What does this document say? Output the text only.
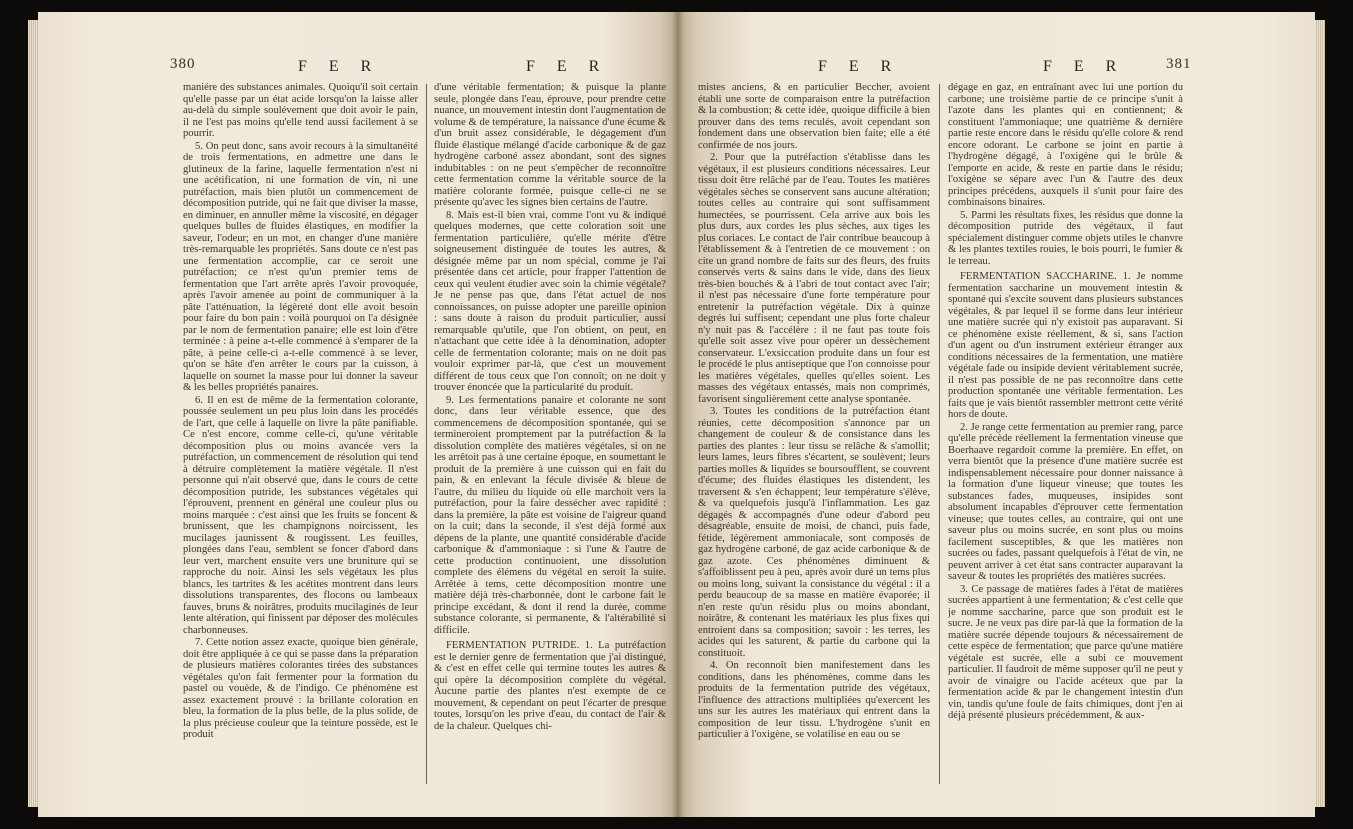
380	F E R	F E R

maniére des substances animales. Quoiqu'il soit certain qu'elle passe par un état acide lorsqu'on la laisse aller au-delà du simple soulévement que doit avoir le pain, il ne l'est pas moins qu'elle tend aussi facilement à se pourrir.

5. On peut donc, sans avoir recours à la simultanéité de trois fermentations, en admettre une dans le glutineux de la farine, laquelle fermentation n'est ni une acétification, ni une formation de vin, ni une putréfaction, mais bien plutôt un commencement de décomposition putride, qui ne fait que diviser la masse, en diminuer, en annuller même la viscosité, en dégager quelques bulles de fluides élastiques, en modifier la saveur, l'odeur; en un mot, en changer d'une manière très-remarquable les propriétés. Sans doute ce n'est pas une fermentation accomplie, car ce seroit une putréfaction; ce n'est qu'un premier tems de fermentation que l'art arrête après l'avoir provoquée, après l'avoir amenée au point de communiquer à la pâte l'atténuation, la légèreté dont elle avoit besoin pour faire du bon pain : voilà pourquoi on l'a désignée par le nom de fermentation panaire; elle est loin d'être terminée : à peine a-t-elle commencé à s'emparer de la pâte, à peine celle-ci a-t-elle commencé à se lever, qu'on se hâte d'en arrêter le cours par la cuisson, à laquelle on soumet la masse pour lui donner la saveur & les belles propriétés panaires.

6. Il en est de même de la fermentation colorante, poussée seulement un peu plus loin dans les procédés de l'art, que celle à laquelle on livre la pâte panifiable. Ce n'est encore, comme celle-ci, qu'une véritable décomposition plus ou moins avancée vers la putréfaction, un commencement de résolution qui tend à détruire complètement la matière végétale. Il n'est personne qui n'ait observé que, dans le cours de cette décomposition putride, les substances végétales qui l'éprouvent, prennent en général une couleur plus ou moins marquée : c'est ainsi que les fruits se foncent & brunissent, que les champignons noircissent, les mucilages jaunissent & rougissent. Les feuilles, plongées dans l'eau, semblent se foncer d'abord dans leur vert, marchent ensuite vers une bruniture qui se rapproche du noir. Ainsi les sels végétaux les plus blancs, les tartrites & les acétites montrent dans leurs dissolutions transparentes, des flocons ou lambeaux fauves, bruns & noirâtres, produits mucilaginés de leur lente altération, qui finissent par déposer des molécules charbonneuses.

7. Cette notion assez exacte, quoique bien générale, doit être appliquée à ce qui se passe dans la préparation de plusieurs matières colorantes tirées des substances végétales qu'on fait fermenter pour la formation du pastel ou vouède, & de l'indigo. Ce phénomène est assez exactement prouvé : la brillante coloration en bleu, la formation de la plus belle, de la plus solide, de la plus précieuse couleur que la teinture possède, est le produit

d'une véritable fermentation; & puisque la plante seule, plongée dans l'eau, éprouve, pour prendre cette nuance, un mouvement intestin dont l'augmentation de volume & de température, la naissance d'une écume & d'un bruit assez considérable, le dégagement d'un fluide élastique mélangé d'acide carbonique & de gaz hydrogène carboné assez abondant, sont des signes indubitables : on ne peut s'empêcher de reconnoître cette fermentation comme la véritable source de la matière colorante formée, puisque celle-ci ne se présente qu'avec les signes bien certains de l'autre.

8. Mais est-il bien vrai, comme l'ont vu & indiqué quelques modernes, que cette coloration soit une fermentation particulière, qu'elle mérite d'être soigneusement distinguée de toutes les autres, & désignée même par un nom spécial, comme je l'ai présentée dans cet article, pour frapper l'attention de ceux qui veulent étudier avec soin la chimie végétale? Je ne pense pas que, dans l'état actuel de nos connoissances, on puisse adopter une pareille opinion : sans doute à raison du produit particulier, aussi remarquable qu'utile, que l'on obtient, on peut, en n'attachant que cette idée à la dénomination, adopter celle de fermentation colorante; mais on ne doit pas vouloir exprimer par-là, que c'est un mouvement différent de tous ceux que l'on connoît; on ne doit y trouver énoncée que la particularité du produit.

9. Les fermentations panaire et colorante ne sont donc, dans leur véritable essence, que des commencemens de décomposition spontanée, qui se termineroient promptement par la putréfaction & la dissolution complète des matières végétales, si on ne les arrêtoit pas à une certaine époque, en soumettant le produit de la première à une cuisson qui en fait du pain, & en enlevant la fécule divisée & bleue de l'autre, du milieu du liquide où elle marchoit vers la putréfaction, pour la faire dessécher avec rapidité : dans la première, la pâte est voisine de l'aigreur quand on la cuit; dans la seconde, il s'est déjà formé aux dépens de la plante, une quantité considérable d'acide carbonique & d'ammoniaque : si l'une & l'autre de cette production continuoient, une dissolution complete des élémens du végétal en seroit la suite. Arrêtée à tems, cette décomposition montre une matière déjà très-charbonnée, dont le carbone fait le principe excédant, & dont il rend la durée, comme substance colorante, si permanente, & l'altérabilité si difficile.

FERMENTATION PUTRIDE. 1. La putréfaction est le dernier genre de fermentation que j'ai distingué, & c'est en effet celle qui termine toutes les autres & qui opère la décomposition complète du végétal. Aucune partie des plantes n'est exempte de ce mouvement, & cependant on peut l'écarter de presque toutes, lorsqu'on les prive d'eau, du contact de l'air & de la chaleur. Quelques chi-

F E R	F E R	381

mistes anciens, & en particulier Beccher, avoient établi une sorte de comparaison entre la putréfaction & la combustion; & cette idée, quoique difficile à bien prouver dans des tems reculés, avoit cependant son fondement dans une observation bien faite; elle a été confirmée de nos jours.

2. Pour que la putréfaction s'établisse dans les végétaux, il est plusieurs conditions nécessaires. Leur tissu doit être relâché par de l'eau. Toutes les matières végétales sèches se conservent sans aucune altération; toutes celles au contraire qui sont suffisamment humectées, se pourrissent. Cela arrive aux bois les plus durs, aux cordes les plus sèches, aux tiges les plus coriaces. Le contact de l'air contribue beaucoup à l'établissement & à l'entretien de ce mouvement : on cite un grand nombre de faits sur des fleurs, des fruits conservés verts & sains dans le vide, dans des lieux très-bien bouchés & à l'abri de tout contact avec l'air; il n'est pas nécessaire d'une forte température pour entretenir la putréfaction végétale. Dix à quinze degrés lui suffisent; cependant une plus forte chaleur n'y nuit pas & l'accélère : il ne faut pas toute fois qu'elle soit assez vive pour opérer un dessèchement conservateur. L'exsiccation produite dans un four est le procédé le plus antiseptique que l'on connoisse pour les matières végétales, quelles qu'elles soient. Les masses des végétaux entassés, mais non comprimés, favorisent singulièrement cette analyse spontanée.

3. Toutes les conditions de la putréfaction étant réunies, cette décomposition s'annonce par un changement de couleur & de consistance dans les parties des plantes : leur tissu se relâche & s'amollit; leurs lames, leurs fibres s'écartent, se soulèvent; leurs parties molles & liquides se boursoufflent, se couvrent d'écume; des fluides élastiques les distendent, les traversent & s'en échappent; leur température s'élève, & va quelquefois jusqu'à l'inflammation. Les gaz dégagés & accompagnés d'une odeur d'abord peu désagréable, ensuite de moisi, de chanci, puis fade, fétide, légèrement ammoniacale, sont composés de gaz hydrogène carboné, de gaz acide carbonique & de gaz azote. Ces phénomènes diminuent & s'affoiblissent peu à peu, après avoir duré un tems plus ou moins long, suivant la consistance du végétal : il a perdu beaucoup de sa masse en matière évaporée; il n'en reste qu'un résidu plus ou moins abondant, noirâtre, & contenant les matériaux les plus fixes qui entroient dans sa composition; savoir : les terres, les acides qui les saturent, & partie du carbone qui la constituoit.

4. On reconnoît bien manifestement dans les conditions, dans les phénomènes, comme dans les produits de la fermentation putride des végétaux, l'influence des attractions multipliées qu'exercent les uns sur les autres les matériaux qui entrent dans la composition de leur tissu. L'hydrogène s'unit en particulier à l'oxigène, se volatilise en eau ou se

dégage en gaz, en entraînant avec lui une portion du carbone; une troisième partie de ce principe s'unit à l'azote dans les plantes qui en contiennent; & constituent l'ammoniaque; une quatrième & dernière partie reste encore dans le résidu qu'elle colore & rend encore odorant. Le carbone se joint en partie à l'hydrogène dégagé, à l'oxigène qui le brûle & l'emporte en acide, & reste en partie dans le résidu; l'oxigène se sépare avec l'un & l'autre des deux principes précédens, auxquels il s'unit pour faire des combinaisons binaires.

5. Parmi les résultats fixes, les résidus que donne la décomposition putride des végétaux, il faut spécialement distinguer comme objets utiles le chanvre & les plantes textiles rouies, le bois pourri, le fumier & le terreau.

FERMENTATION SACCHARINE. 1. Je nomme fermentation saccharine un mouvement intestin & spontané qui s'excite souvent dans plusieurs substances végétales, & par lequel il se forme dans leur intérieur une matière sucrée qui n'y existoit pas auparavant. Si ce phénomène existe réellement, & si, sans l'action d'un agent ou d'un instrument extérieur étranger aux conditions nécessaires de la fermentation, une matière végétale fade ou insipide devient véritablement sucrée, il n'est pas possible de ne pas reconnoître dans cette production spontanée une véritable fermentation. Les faits que je vais bientôt rassembler mettront cette vérité hors de doute.

2. Je range cette fermentation au premier rang, parce qu'elle précède réellement la fermentation vineuse que Boerhaave regardoit comme la première. En effet, on verra bientôt que la présence d'une matière sucrée est indispensablement nécessaire pour donner naissance à la formation d'une liqueur vineuse; que toutes les substances fades, muqueuses, insipides sont absolument incapables d'éprouver cette fermentation vineuse; que toutes celles, au contraire, qui ont une saveur plus ou moins sucrée, en sont plus ou moins facilement susceptibles, & que les matières non sucrées ou fades, passant quelquefois à l'état de vin, ne peuvent arriver à cet état sans contracter auparavant la saveur & toutes les propriétés des matières sucrées.

3. Ce passage de matières fades à l'état de matières sucrées appartient à une fermentation; & c'est celle que je nomme saccharine, parce que son produit est le sucre. Je ne veux pas dire par-là que la formation de la matière sucrée dépende toujours & nécessairement de cette espèce de fermentation; que parce qu'une matière végétale est sucrée, elle a subi ce mouvement particulier. Il faudroit de même supposer qu'il ne peut y avoir de vinaigre ou l'acide acéteux que par la fermentation acide & par le changement intestin d'un vin, tandis qu'une foule de faits chimiques, dont j'en ai déjà présenté plusieurs précédemment, & aux-
